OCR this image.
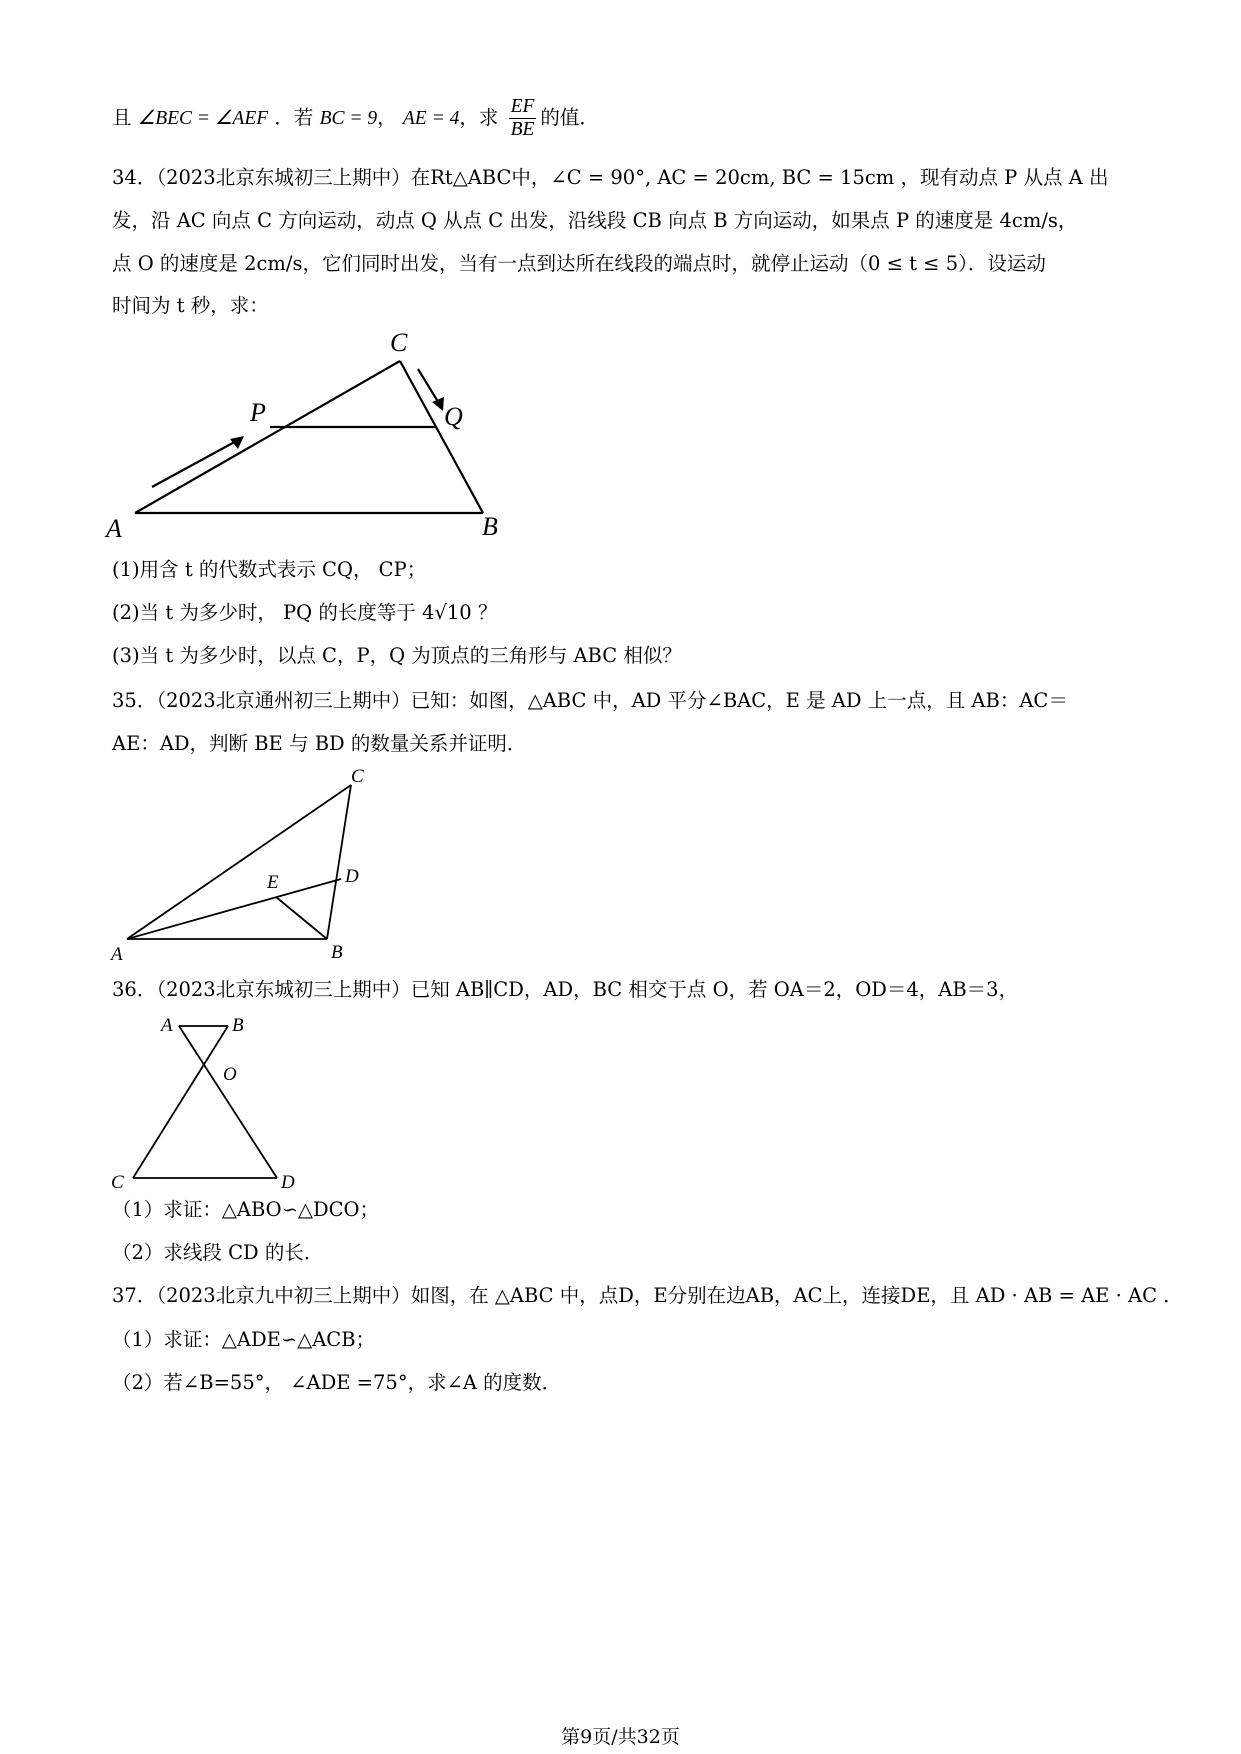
且 ∠BEC = ∠AEF ．若 BC = 9， AE = 4，求 $\frac{EF}{BE}$ 的值．
34．（2023北京东城初三上期中）在Rt△ABC中，∠C = 90°, AC = 20cm, BC = 15cm ，现有动点 P 从点 A 出
发，沿 AC 向点 C 方向运动，动点 Q 从点 C 出发，沿线段 CB 向点 B 方向运动，如果点 P 的速度是 4cm/s，
点 O 的速度是 2cm/s，它们同时出发，当有一点到达所在线段的端点时，就停止运动（0 ≤ t ≤ 5）．设运动
时间为 t 秒，求：
A	B
C
P	Q
(1)用含 t 的代数式表示 CQ， CP；
(2)当 t 为多少时， PQ 的长度等于 4√10 ？
(3)当 t 为多少时，以点 C，P，Q 为顶点的三角形与 ABC 相似？
35．（2023北京通州初三上期中）已知：如图，△ABC 中，AD 平分∠BAC，E 是 AD 上一点，且 AB：AC＝
AE：AD，判断 BE 与 BD 的数量关系并证明．
A	B
C
D
E
36．（2023北京东城初三上期中）已知 AB∥CD，AD，BC 相交于点 O，若 OA＝2，OD＝4，AB＝3，
A	B
C	D
O
（1）求证：△ABO∽△DCO；
（2）求线段 CD 的长．
37．（2023北京九中初三上期中）如图，在 △ABC 中，点D，E分别在边AB，AC上，连接DE，且 AD · AB = AE · AC ．
（1）求证：△ADE∽△ACB；
（2）若∠B=55°， ∠ADE =75°，求∠A 的度数．
第9页/共32页
